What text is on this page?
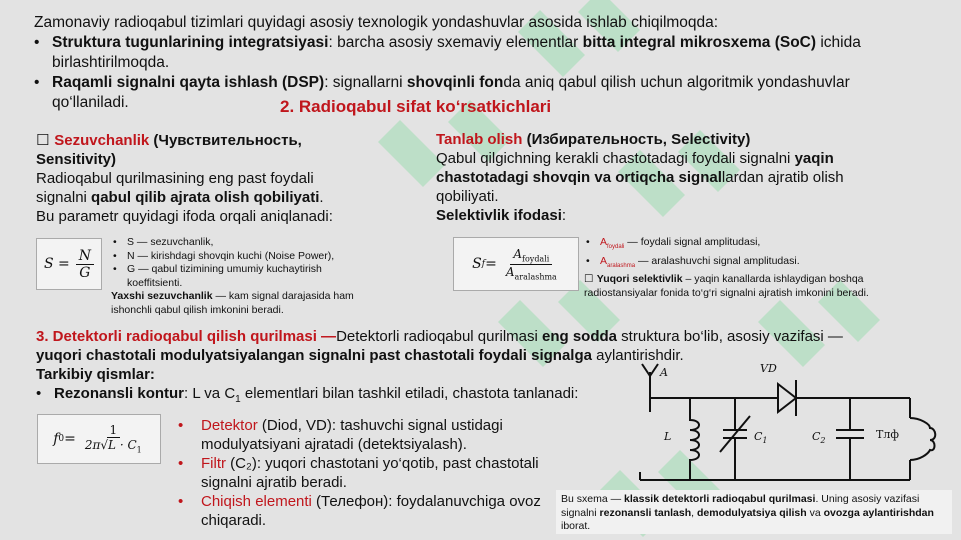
Zamonaviy radioqabul tizimlari quyidagi asosiy texnologik yondashuvlar asosida ishlab chiqilmoqda:
• Struktura tugunlarining integratsiyasi: barcha asosiy sxemaviy elementlar bitta integral mikrosxema (SoC) ichida birlashtirilmoqda.
• Raqamli signalni qayta ishlash (DSP): signallarni shovqinli fonda aniq qabul qilish uchun algoritmik yondashuvlar qo‘llaniladi.	2. Radioqabul sifat ko‘rsatkichlari
☐ Sezuvchanlik (Чувствительность, Sensitivity)
Radioqabul qurilmasining eng past foydali signalni qabul qilib ajrata olish qobiliyati.
Bu parametr quyidagi ifoda orqali aniqlanadi:
$S = \frac{N}{G}$
• S — sezuvchanlik,
• N — kirishdagi shovqin kuchi (Noise Power),
• G — qabul tizimining umumiy kuchaytirish koeffitsienti.
Yaxshi sezuvchanlik — kam signal darajasida ham ishonchli qabul qilish imkonini beradi.
Tanlab olish (Избирательность, Selectivity)
Qabul qilgichning kerakli chastotadagi foydali signalni yaqin chastotadagi shovqin va ortiqcha signallardan ajratib olish qobiliyati.
Selektivlik ifodasi:
S $f = \frac{A_{foydali}}{A_{aralashma}}$
• $A_{foydali}$ — foydali signal amplitudasi,
• $A_{aralashma}$ — aralashuvchi signal amplitudasi.
☐ Yuqori selektivlik – yaqin kanallarda ishlaydigan boshqa radiostansiyalar fonida to‘g‘ri signalni ajratish imkonini beradi.
3. Detektorli radioqabul qilish qurilmasi —Detektorli radioqabul qurilmasi eng sodda struktura bo‘lib, asosiy vazifasi —
yuqori chastotali modulyatsiyalangan signalni past chastotali foydali signalga aylantirishdir.
Tarkibiy qismlar:
• Rezonansli kontur: L va $C_1$ elementlari bilan tashkil etiladi, chastota tanlanadi:
f $0 = \frac{1}{2\pi√L \cdot C_1}$
•	Detektor (Diod, VD): tashuvchi signal ustidagi modulyatsiyani ajratadi (detektsiyalash).
• Filtr (C₂): yuqori chastotani yo‘qotib, past chastotali signalni ajratib beradi.
• Chiqish elementi (Телефон): foydalanuvchiga ovoz chiqaradi.
A	VD
L	$C_1$	$C_2$	Тлф
Bu sxema — klassik detektorli radioqabul qurilmasi. Uning asosiy vazifasi signalni rezonansli tanlash, demodulyatsiya qilish va ovozga aylantirishdan iborat.
